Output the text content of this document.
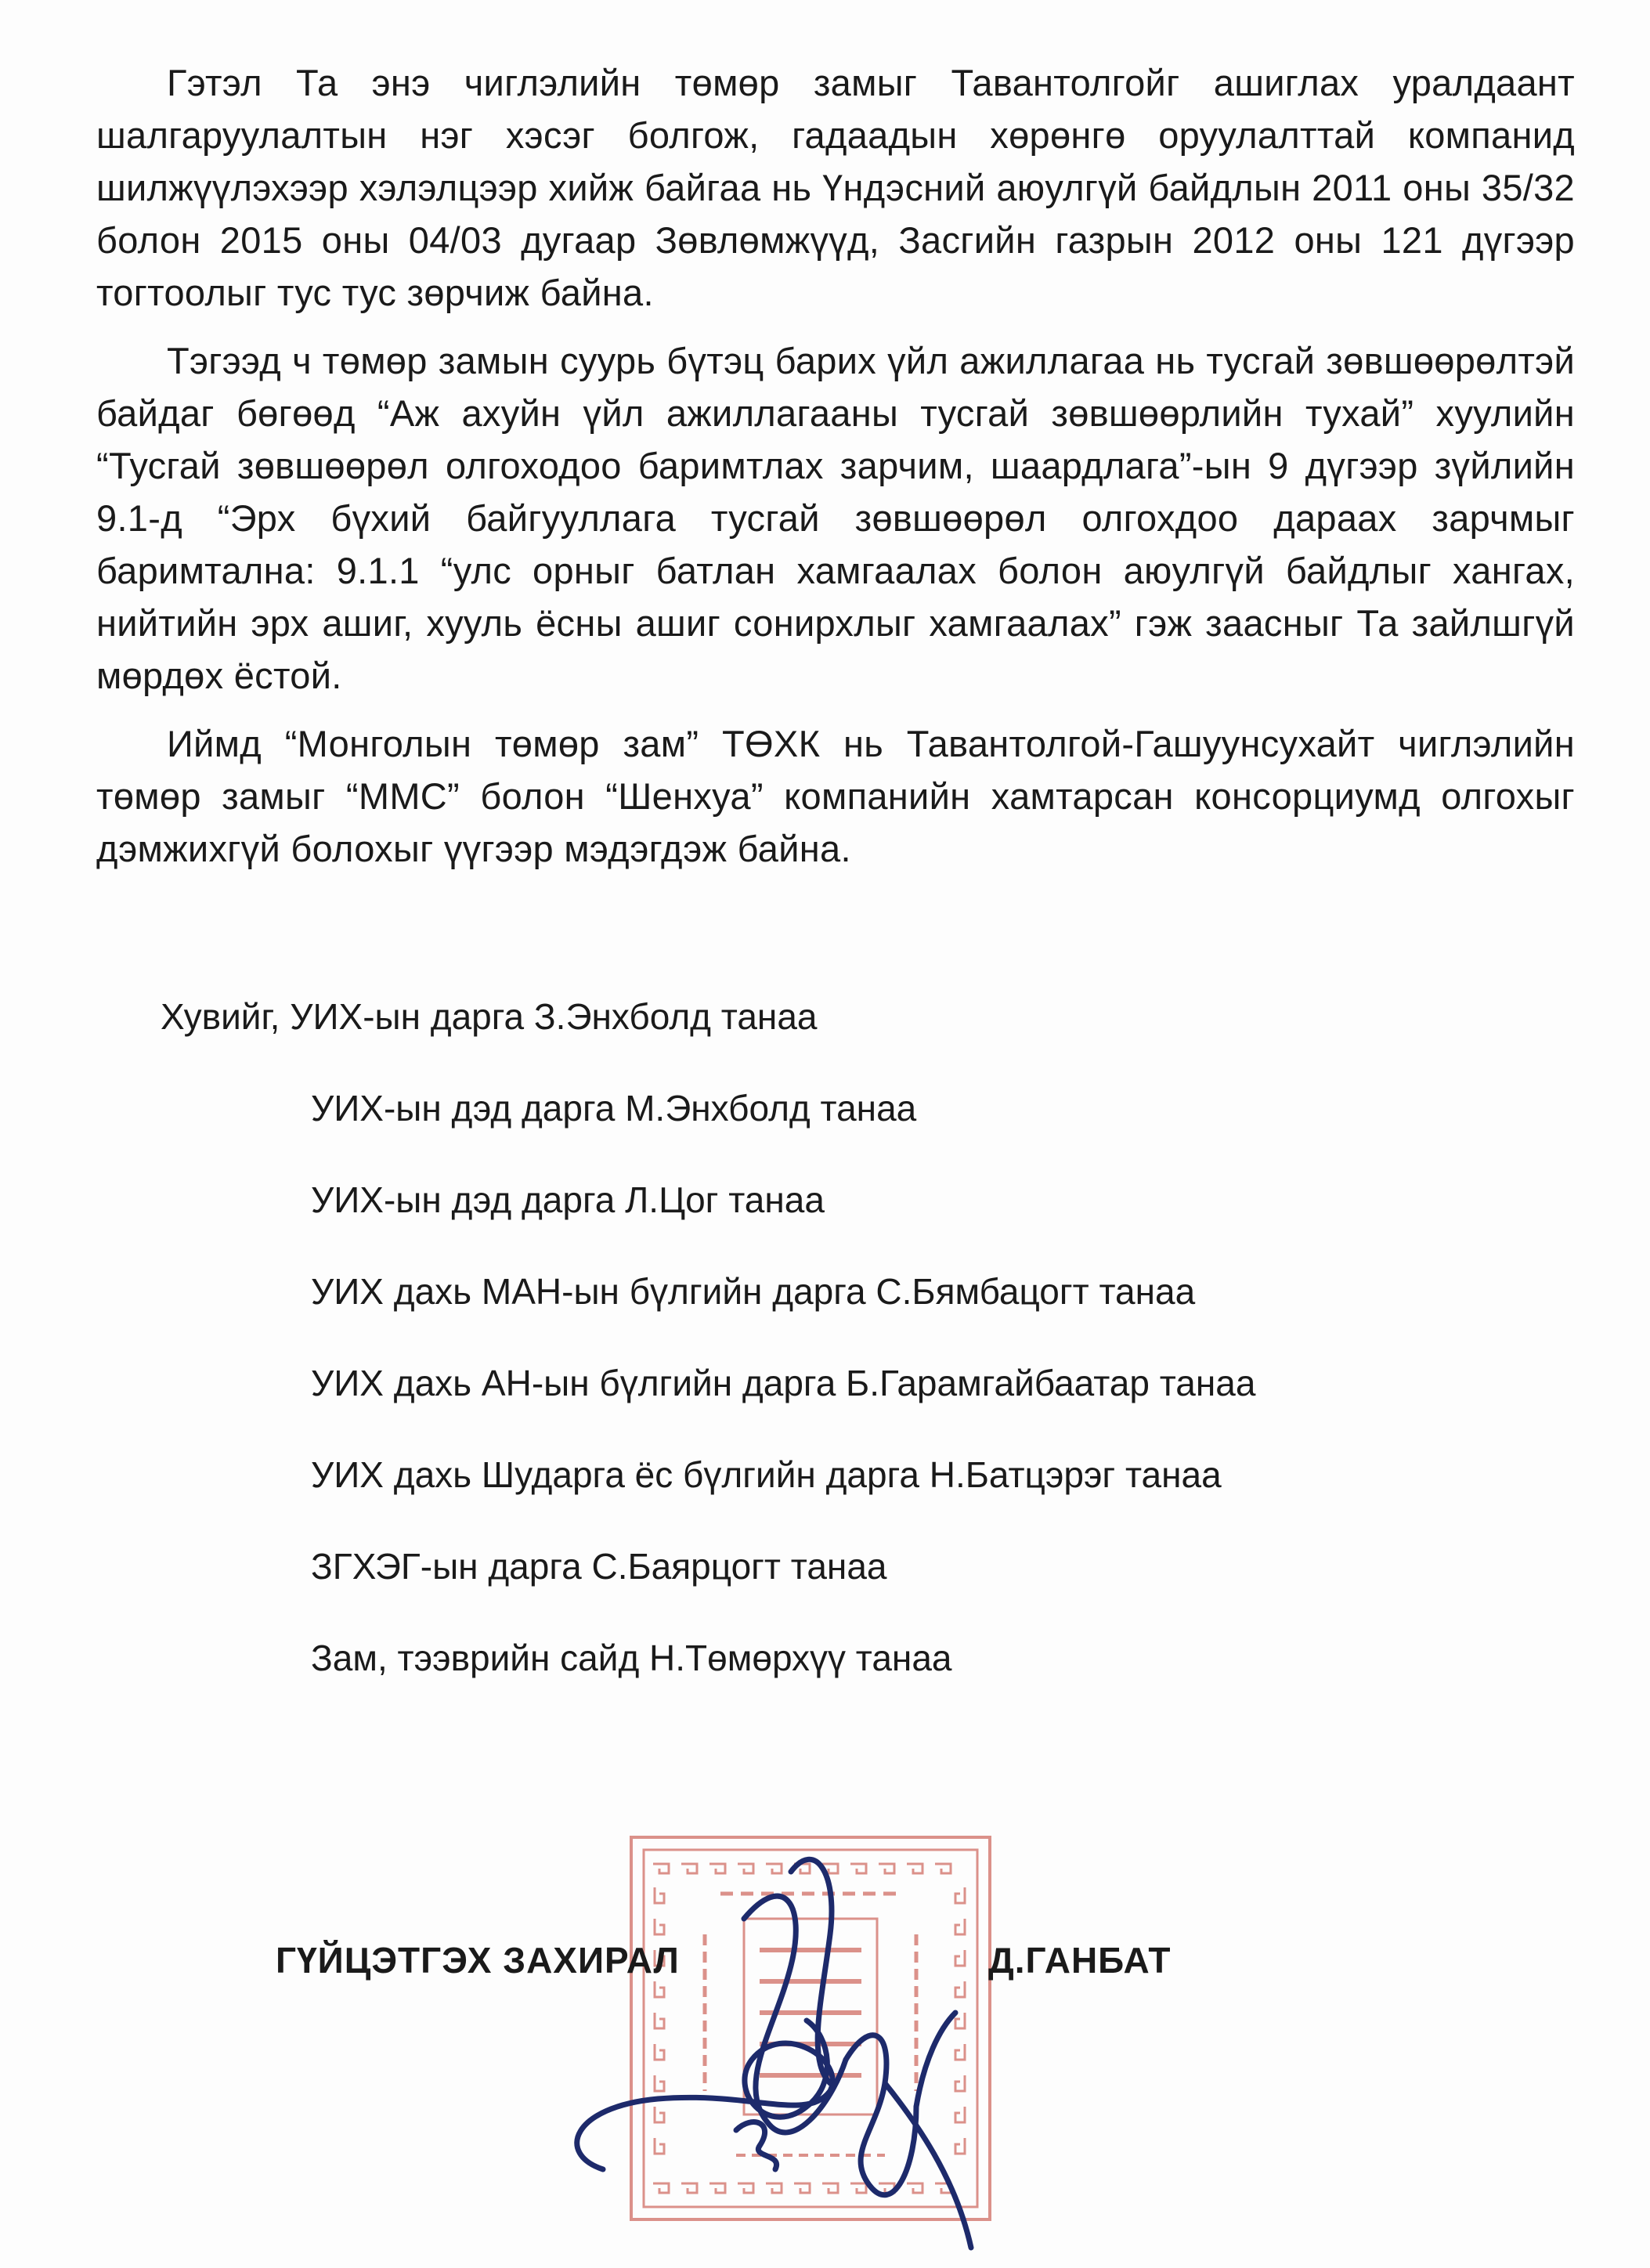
Гэтэл Та энэ чиглэлийн төмөр замыг Тавантолгойг ашиглах уралдаант шалгаруулалтын нэг хэсэг болгож, гадаадын хөрөнгө оруулалттай компанид шилжүүлэхээр хэлэлцээр хийж байгаа нь Үндэсний аюулгүй байдлын 2011 оны 35/32 болон 2015 оны 04/03 дугаар Зөвлөмжүүд, Засгийн газрын 2012 оны 121 дүгээр тогтоолыг тус тус зөрчиж байна.

Тэгээд ч төмөр замын суурь бүтэц барих үйл ажиллагаа нь тусгай зөвшөөрөлтэй байдаг бөгөөд “Аж ахуйн үйл ажиллагааны тусгай зөвшөөрлийн тухай” хуулийн “Тусгай зөвшөөрөл олгоходоо баримтлах зарчим, шаардлага”-ын 9 дүгээр зүйлийн 9.1-д “Эрх бүхий байгууллага тусгай зөвшөөрөл олгохдоо дараах зарчмыг баримтална: 9.1.1 “улс орныг батлан хамгаалах болон аюулгүй байдлыг хангах, нийтийн эрх ашиг, хууль ёсны ашиг сонирхлыг хамгаалах” гэж заасныг Та зайлшгүй мөрдөх ёстой.

Иймд “Монголын төмөр зам” ТӨХК нь Тавантолгой-Гашуунсухайт чиглэлийн төмөр замыг “ММС” болон “Шенхуа” компанийн хамтарсан консорциумд олгохыг дэмжихгүй болохыг үүгээр мэдэгдэж байна.

Хувийг, УИХ-ын дарга З.Энхболд танаа
УИХ-ын дэд дарга М.Энхболд танаа
УИХ-ын дэд дарга Л.Цог танаа
УИХ дахь МАН-ын бүлгийн дарга С.Бямбацогт танаа
УИХ дахь АН-ын бүлгийн дарга Б.Гарамгайбаатар танаа
УИХ дахь Шударга ёс бүлгийн дарга Н.Батцэрэг танаа
ЗГХЭГ-ын дарга С.Баярцогт танаа
Зам, тээврийн сайд Н.Төмөрхүү танаа
ГҮЙЦЭТГЭХ ЗАХИРАЛ	Д.ГАНБАТ
